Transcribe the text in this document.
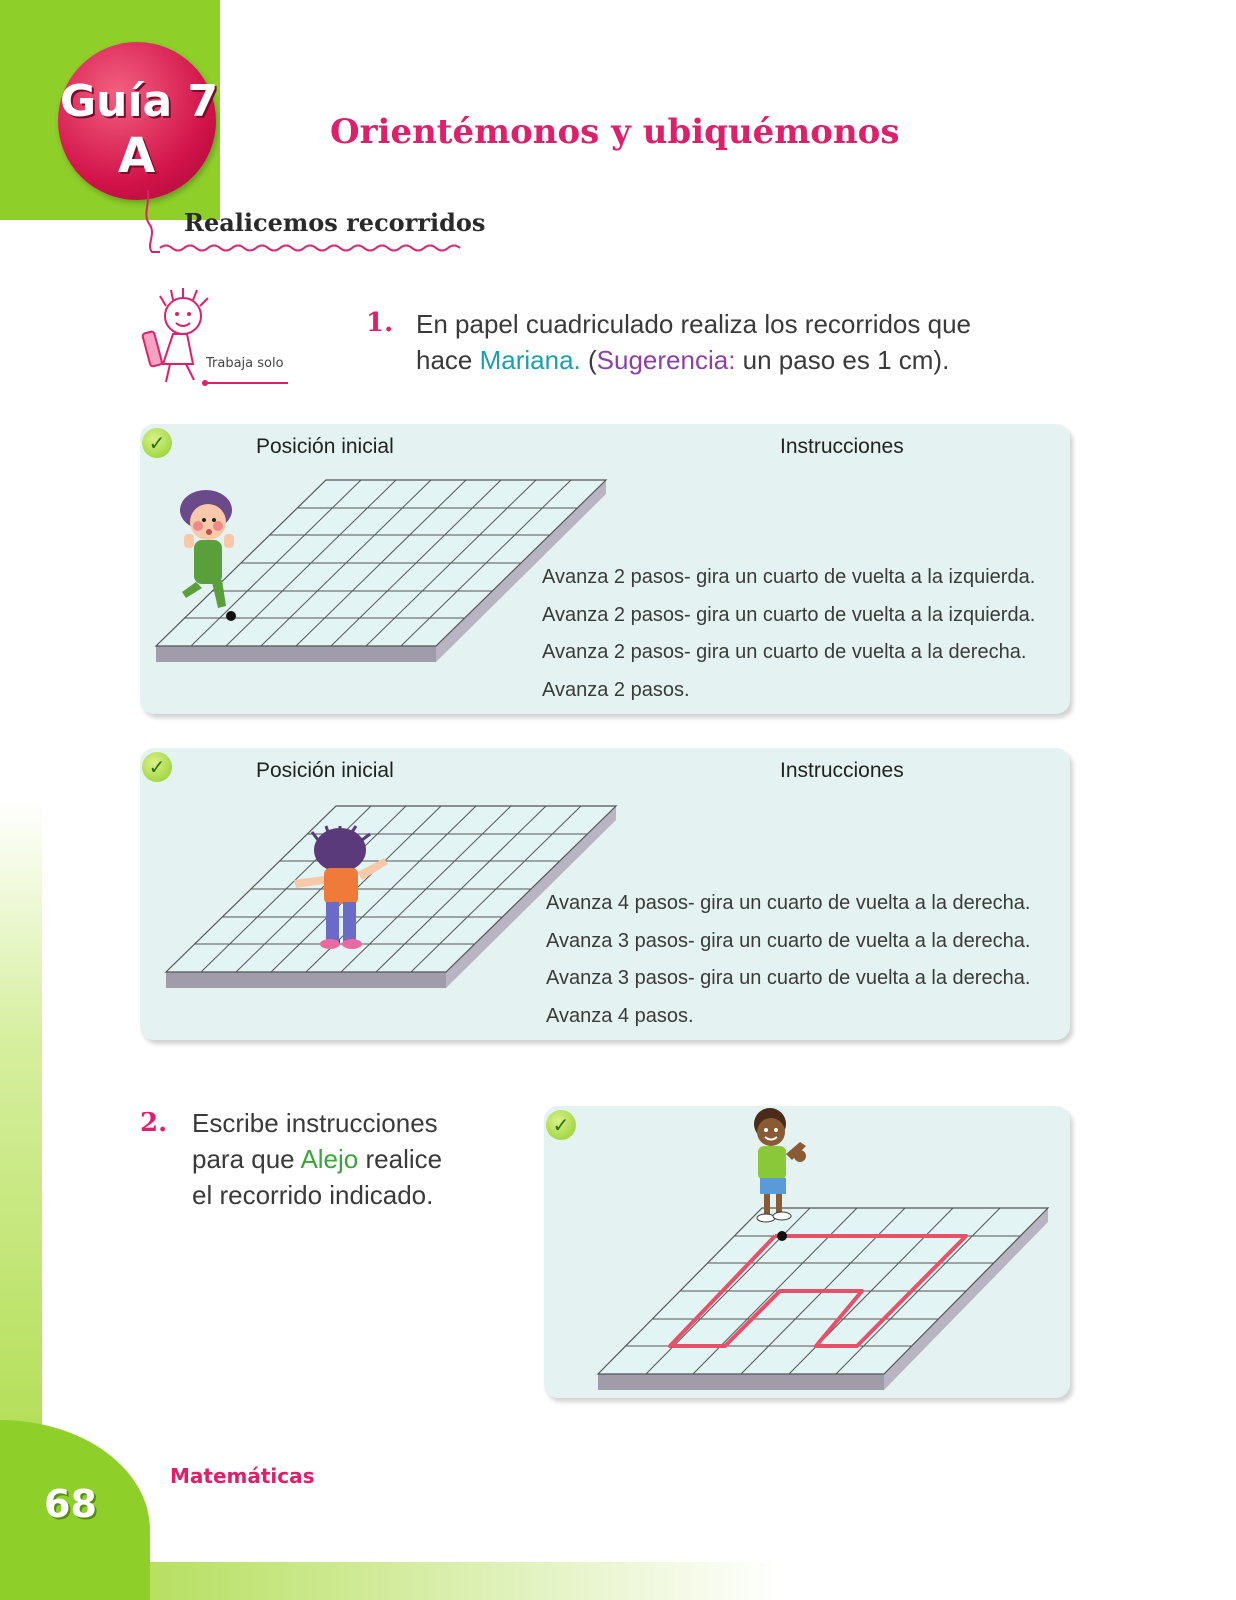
Guía 7
A	Orientémonos y ubiquémonos
Realicemos recorridos
Trabaja solo
1. En papel cuadriculado realiza los recorridos que hace Mariana. (Sugerencia: un paso es 1 cm).
✓	Posición inicial	Instrucciones
Avanza 2 pasos- gira un cuarto de vuelta a la izquierda.
Avanza 2 pasos- gira un cuarto de vuelta a la izquierda.
Avanza 2 pasos- gira un cuarto de vuelta a la derecha.
Avanza 2 pasos.
✓	Posición inicial	Instrucciones
Avanza 4 pasos- gira un cuarto de vuelta a la derecha.
Avanza 3 pasos- gira un cuarto de vuelta a la derecha.
Avanza 3 pasos- gira un cuarto de vuelta a la derecha.
Avanza 4 pasos.
2. Escribe instrucciones
para que Alejo realice
el recorrido indicado.
✓
Matemáticas
68
